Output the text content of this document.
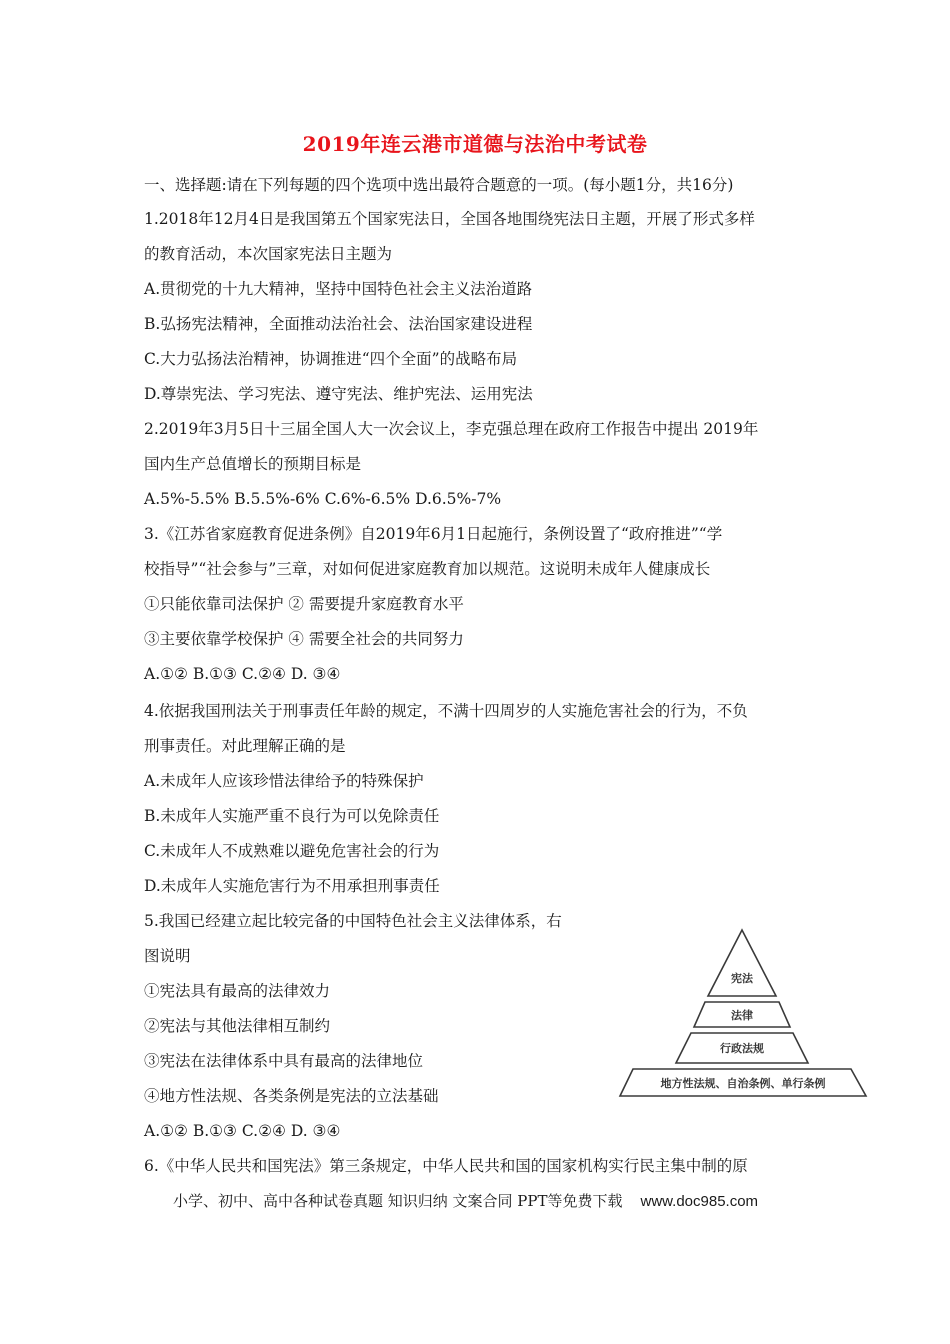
2019年连云港市道德与法治中考试卷
一、选择题:请在下列每题的四个选项中选出最符合题意的一项。(每小题1分，共16分)
1.2018年12月4日是我国第五个国家宪法日，全国各地围绕宪法日主题，开展了形式多样
的教育活动，本次国家宪法日主题为
A.贯彻党的十九大精神，坚持中国特色社会主义法治道路
B.弘扬宪法精神，全面推动法治社会、法治国家建设进程
C.大力弘扬法治精神，协调推进“四个全面”的战略布局
D.尊崇宪法、学习宪法、遵守宪法、维护宪法、运用宪法
2.2019年3月5日十三届全国人大一次会议上，李克强总理在政府工作报告中提出 2019年
国内生产总值增长的预期目标是
A.5%-5.5% B.5.5%-6% C.6%-6.5% D.6.5%-7%
3.《江苏省家庭教育促进条例》自2019年6月1日起施行，条例设置了“政府推进”“学
校指导”“社会参与”三章，对如何促进家庭教育加以规范。这说明未成年人健康成长
①只能依靠司法保护 ② 需要提升家庭教育水平
③主要依靠学校保护 ④ 需要全社会的共同努力
A.①② B.①③ C.②④ D. ③④
4.依据我国刑法关于刑事责任年龄的规定，不满十四周岁的人实施危害社会的行为，不负
刑事责任。对此理解正确的是
A.未成年人应该珍惜法律给予的特殊保护
B.未成年人实施严重不良行为可以免除责任
C.未成年人不成熟难以避免危害社会的行为
D.未成年人实施危害行为不用承担刑事责任
5.我国已经建立起比较完备的中国特色社会主义法律体系，右
图说明
①宪法具有最高的法律效力
②宪法与其他法律相互制约
③宪法在法律体系中具有最高的法律地位
④地方性法规、各类条例是宪法的立法基础
A.①② B.①③ C.②④ D. ③④
6.《中华人民共和国宪法》第三条规定，中华人民共和国的国家机构实行民主集中制的原
宪法
法律
行政法规
地方性法规、自治条例、单行条例
小学、初中、高中各种试卷真题 知识归纳 文案合同 PPT等免费下载 www.doc985.com
